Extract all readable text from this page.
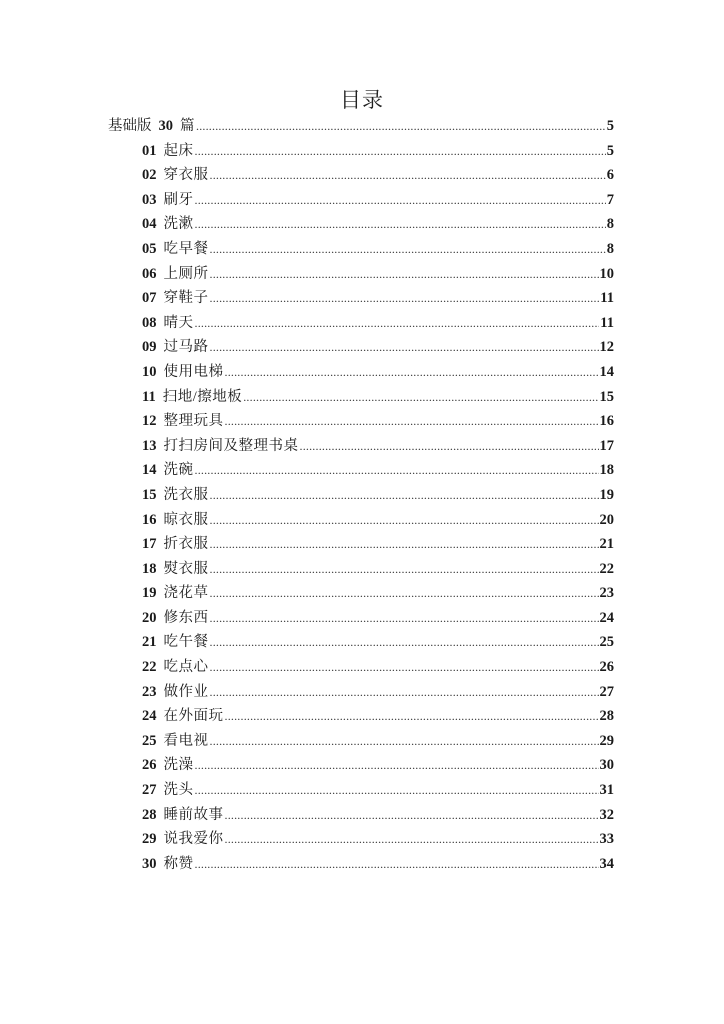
目录
基础版 30 篇 .....	5
01 起床 .....	5
02 穿衣服 .....	6
03 刷牙 .....	7
04 洗漱 .....	8
05 吃早餐 .....	8
06 上厕所 .....	10
07 穿鞋子 .....	11
08 晴天 .....	11
09 过马路 .....	12
10 使用电梯 .....	14
11 扫地/擦地板 .....	15
12 整理玩具 .....	16
13 打扫房间及整理书桌 .....	17
14 洗碗 .....	18
15 洗衣服 .....	19
16 晾衣服 .....	20
17 折衣服 .....	21
18 熨衣服 .....	22
19 浇花草 .....	23
20 修东西 .....	24
21 吃午餐 .....	25
22 吃点心 .....	26
23 做作业 .....	27
24 在外面玩 .....	28
25 看电视 .....	29
26 洗澡 .....	30
27 洗头 .....	31
28 睡前故事 .....	32
29 说我爱你 .....	33
30 称赞 .....	34
